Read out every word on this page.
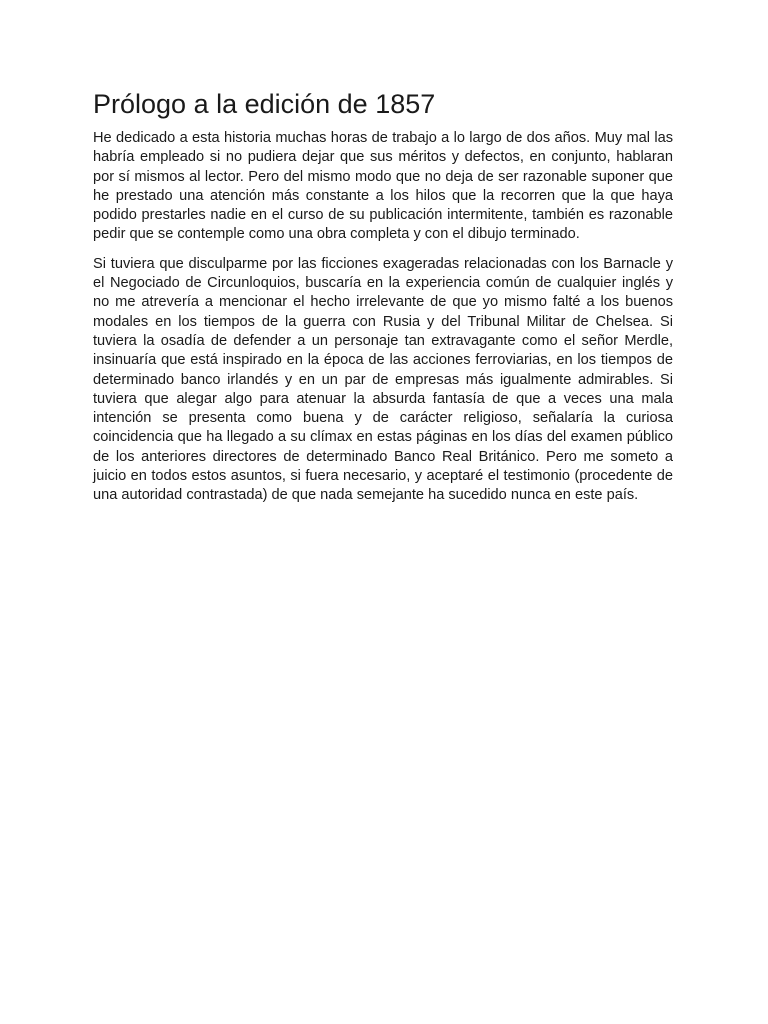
Prólogo a la edición de 1857

He dedicado a esta historia muchas horas de trabajo a lo largo de dos años. Muy mal las habría empleado si no pudiera dejar que sus méritos y defectos, en conjunto, hablaran por sí mismos al lector. Pero del mismo modo que no deja de ser razonable suponer que he prestado una atención más constante a los hilos que la recorren que la que haya podido prestarles nadie en el curso de su publicación intermitente, también es razonable pedir que se contemple como una obra completa y con el dibujo terminado.

Si tuviera que disculparme por las ficciones exageradas relacionadas con los Barnacle y el Negociado de Circunloquios, buscaría en la experiencia común de cualquier inglés y no me atrevería a mencionar el hecho irrelevante de que yo mismo falté a los buenos modales en los tiempos de la guerra con Rusia y del Tribunal Militar de Chelsea. Si tuviera la osadía de defender a un personaje tan extravagante como el señor Merdle, insinuaría que está inspirado en la época de las acciones ferroviarias, en los tiempos de determinado banco irlandés y en un par de empresas más igualmente admirables. Si tuviera que alegar algo para atenuar la absurda fantasía de que a veces una mala intención se presenta como buena y de carácter religioso, señalaría la curiosa coincidencia que ha llegado a su clímax en estas páginas en los días del examen público de los anteriores directores de determinado Banco Real Británico. Pero me someto a juicio en todos estos asuntos, si fuera necesario, y aceptaré el testimonio (procedente de una autoridad contrastada) de que nada semejante ha sucedido nunca en este país.
